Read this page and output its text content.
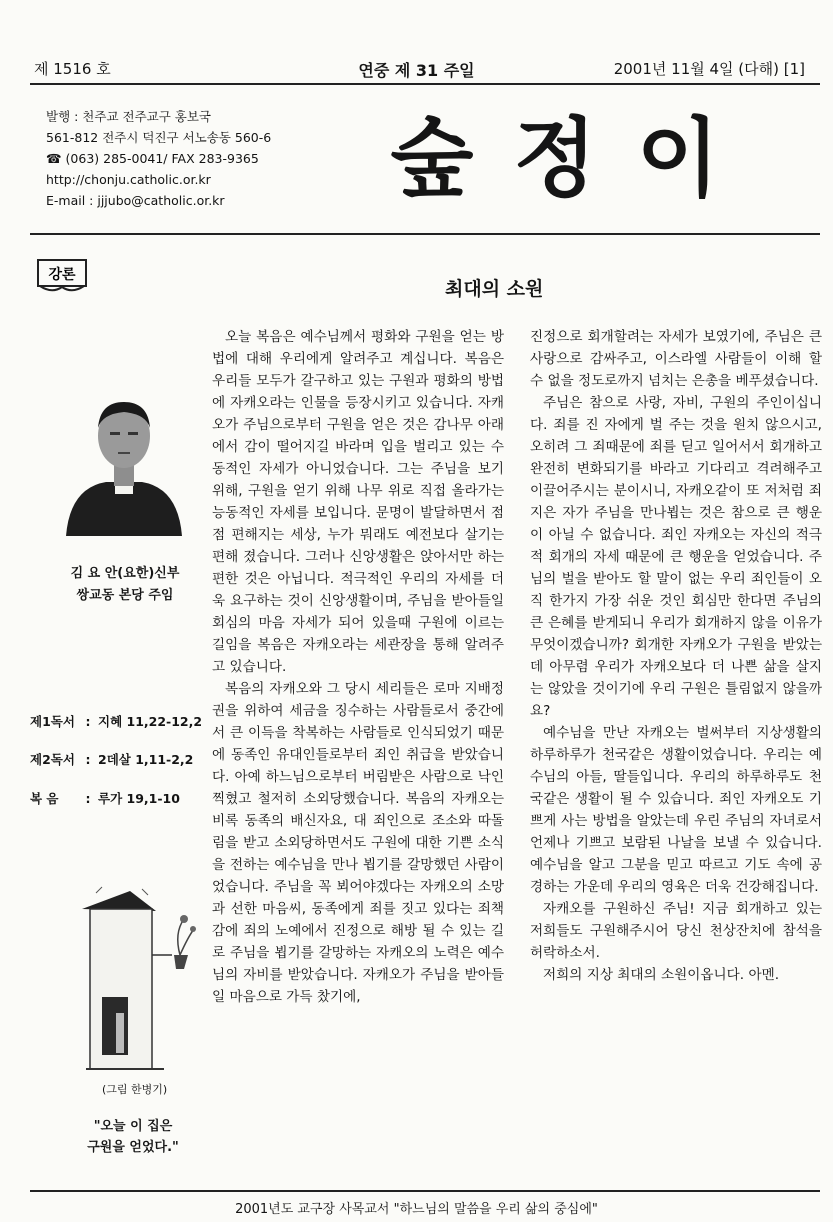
제 1516 호	연중 제 31 주일	2001년 11월 4일 (다해) [1]
발행 : 천주교 전주교구 홍보국
561-812 전주시 덕진구 서노송동 560-6
☎ (063) 285-0041/ FAX 283-9365
http://chonju.catholic.or.kr
E-mail : jjjubo@catholic.or.kr	숲정이
강론
최대의 소원
김 요 안(요한)신부
쌍교동 본당 주임
제1독서 : 지혜 11,22-12,2
제2독서 : 2데살 1,11-2,2
복 음 : 루가 19,1-10
(그림 한병기)
"오늘 이 집은
구원을 얻었다."

오늘 복음은 예수님께서 평화와 구원을 얻는 방법에 대해 우리에게 알려주고 계십니다. 복음은 우리들 모두가 갈구하고 있는 구원과 평화의 방법에 자캐오라는 인물을 등장시키고 있습니다. 자캐오가 주님으로부터 구원을 얻은 것은 감나무 아래에서 감이 떨어지길 바라며 입을 벌리고 있는 수동적인 자세가 아니었습니다. 그는 주님을 보기 위해, 구원을 얻기 위해 나무 위로 직접 올라가는 능동적인 자세를 보입니다. 문명이 발달하면서 점점 편해지는 세상, 누가 뭐래도 예전보다 살기는 편해 졌습니다. 그러나 신앙생활은 앉아서만 하는 편한 것은 아닙니다. 적극적인 우리의 자세를 더욱 요구하는 것이 신앙생활이며, 주님을 받아들일 회심의 마음 자세가 되어 있을때 구원에 이르는 길임을 복음은 자캐오라는 세관장을 통해 알려주고 있습니다.

복음의 자캐오와 그 당시 세리들은 로마 지배정권을 위하여 세금을 징수하는 사람들로서 중간에서 큰 이득을 착복하는 사람들로 인식되었기 때문에 동족인 유대인들로부터 죄인 취급을 받았습니다. 아예 하느님으로부터 버림받은 사람으로 낙인 찍혔고 철저히 소외당했습니다. 복음의 자캐오는 비록 동족의 배신자요, 대 죄인으로 조소와 따돌림을 받고 소외당하면서도 구원에 대한 기쁜 소식을 전하는 예수님을 만나 뵙기를 갈망했던 사람이었습니다. 주님을 꼭 뵈어야겠다는 자캐오의 소망과 선한 마음씨, 동족에게 죄를 짓고 있다는 죄책감에 죄의 노예에서 진정으로 해방 될 수 있는 길로 주님을 뵙기를 갈망하는 자캐오의 노력은 예수님의 자비를 받았습니다. 자캐오가 주님을 받아들일 마음으로 가득 찼기에,

진정으로 회개할려는 자세가 보였기에, 주님은 큰 사랑으로 감싸주고, 이스라엘 사람들이 이해 할 수 없을 정도로까지 넘치는 은총을 베푸셨습니다.

주님은 참으로 사랑, 자비, 구원의 주인이십니다. 죄를 진 자에게 벌 주는 것을 원치 않으시고, 오히려 그 죄때문에 죄를 딛고 일어서서 회개하고 완전히 변화되기를 바라고 기다리고 격려해주고 이끌어주시는 분이시니, 자캐오같이 또 저처럼 죄지은 자가 주님을 만나뵙는 것은 참으로 큰 행운이 아닐 수 없습니다. 죄인 자캐오는 자신의 적극적 회개의 자세 때문에 큰 행운을 얻었습니다. 주님의 벌을 받아도 할 말이 없는 우리 죄인들이 오직 한가지 가장 쉬운 것인 회심만 한다면 주님의 큰 은혜를 받게되니 우리가 회개하지 않을 이유가 무엇이겠습니까? 회개한 자캐오가 구원을 받았는데 아무렴 우리가 자캐오보다 더 나쁜 삶을 살지는 않았을 것이기에 우리 구원은 틀림없지 않을까요?

예수님을 만난 자캐오는 벌써부터 지상생활의 하루하루가 천국같은 생활이었습니다. 우리는 예수님의 아들, 딸들입니다. 우리의 하루하루도 천국같은 생활이 될 수 있습니다. 죄인 자캐오도 기쁘게 사는 방법을 알았는데 우린 주님의 자녀로서 언제나 기쁘고 보람된 나날을 보낼 수 있습니다. 예수님을 알고 그분을 믿고 따르고 기도 속에 공경하는 가운데 우리의 영육은 더욱 건강해집니다.

자캐오를 구원하신 주님! 지금 회개하고 있는 저희들도 구원해주시어 당신 천상잔치에 참석을 허락하소서.

저희의 지상 최대의 소원이옵니다. 아멘.

2001년도 교구장 사목교서 "하느님의 말씀을 우리 삶의 중심에"
